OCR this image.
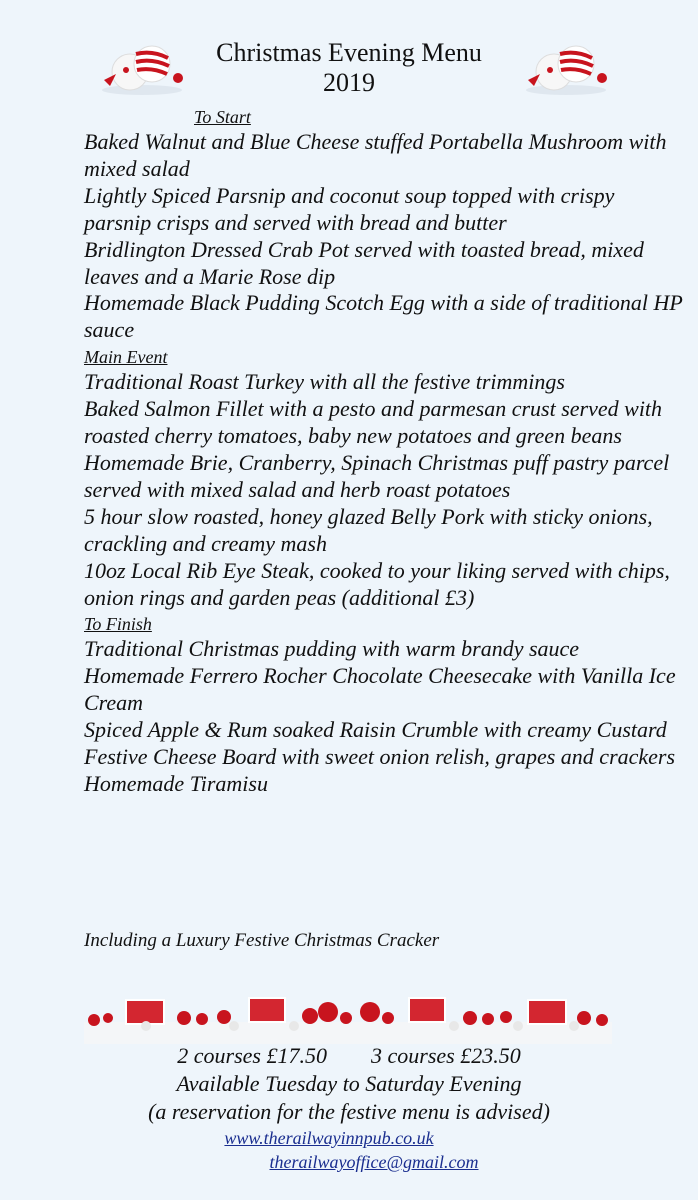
Christmas Evening Menu
2019
To Start
Baked Walnut and Blue Cheese stuffed Portabella Mushroom with mixed salad
Lightly Spiced Parsnip and coconut soup topped with crispy parsnip crisps and served with bread and butter
Bridlington Dressed Crab Pot served with toasted bread, mixed leaves and a Marie Rose dip
Homemade Black Pudding Scotch Egg with a side of traditional HP sauce
Main Event
Traditional Roast Turkey with all the festive trimmings
Baked Salmon Fillet with a pesto and parmesan crust served with roasted cherry tomatoes, baby new potatoes and green beans
Homemade Brie, Cranberry, Spinach Christmas puff pastry parcel served with mixed salad and herb roast potatoes
5 hour slow roasted, honey glazed Belly Pork with sticky onions, crackling and creamy mash
10oz Local Rib Eye Steak, cooked to your liking served with chips, onion rings and garden peas (additional £3)
To Finish
Traditional Christmas pudding with warm brandy sauce
Homemade Ferrero Rocher Chocolate Cheesecake with Vanilla Ice Cream
Spiced Apple & Rum soaked Raisin Crumble with creamy Custard
Festive Cheese Board with sweet onion relish, grapes and crackers
Homemade Tiramisu
Including a Luxury Festive Christmas Cracker
2 courses £17.50 3 courses £23.50
Available Tuesday to Saturday Evening
(a reservation for the festive menu is advised)
www.therailwayinnpub.co.uk
therailwayoffice@gmail.com
